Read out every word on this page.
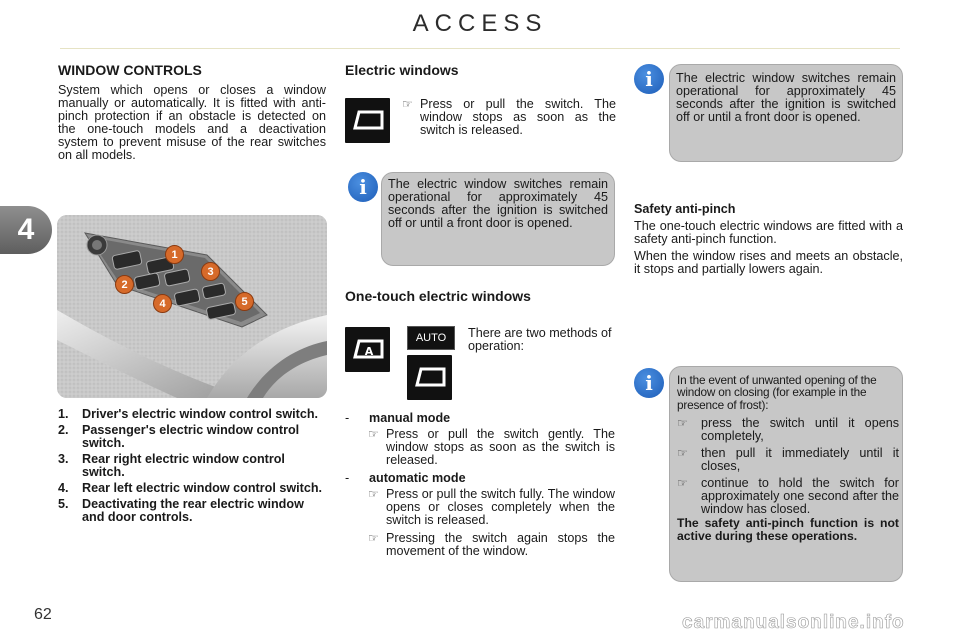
ACCESS
4
WINDOW CONTROLS
System which opens or closes a window manually or automatically. It is fitted with anti-pinch protection if an obstacle is detected on the one-touch models and a deactivation system to prevent misuse of the rear switches on all models.
1
2
3
4	5
1.	Driver's electric window control switch.
2.	Passenger's electric window control switch.
3.	Rear right electric window control switch.
4.	Rear left electric window control switch.
5.	Deactivating the rear electric window and door controls.
62
Electric windows
☞ Press or pull the switch. The window stops as soon as the switch is released.
The electric window switches remain operational for approximately 45 seconds after the ignition is switched off or until a front door is opened.
i
One-touch electric windows
A
AUTO	There are two methods of operation:
-	manual mode
☞ Press or pull the switch gently. The window stops as soon as the switch is released.
-	automatic mode
☞ Press or pull the switch fully. The window opens or closes completely when the switch is released.
☞ Pressing the switch again stops the movement of the window.
The electric window switches remain operational for approximately 45 seconds after the ignition is switched off or until a front door is opened.
i
Safety anti-pinch

The one-touch electric windows are fitted with a safety anti-pinch function.

When the window rises and meets an obstacle, it stops and partially lowers again.

In the event of unwanted opening of the window on closing (for example in the presence of frost):
☞	press the switch until it opens completely,
☞	then pull it immediately until it closes,
☞	continue to hold the switch for approximately one second after the window has closed.
The safety anti-pinch function is not active during these operations.
i
carmanualsonline.info
